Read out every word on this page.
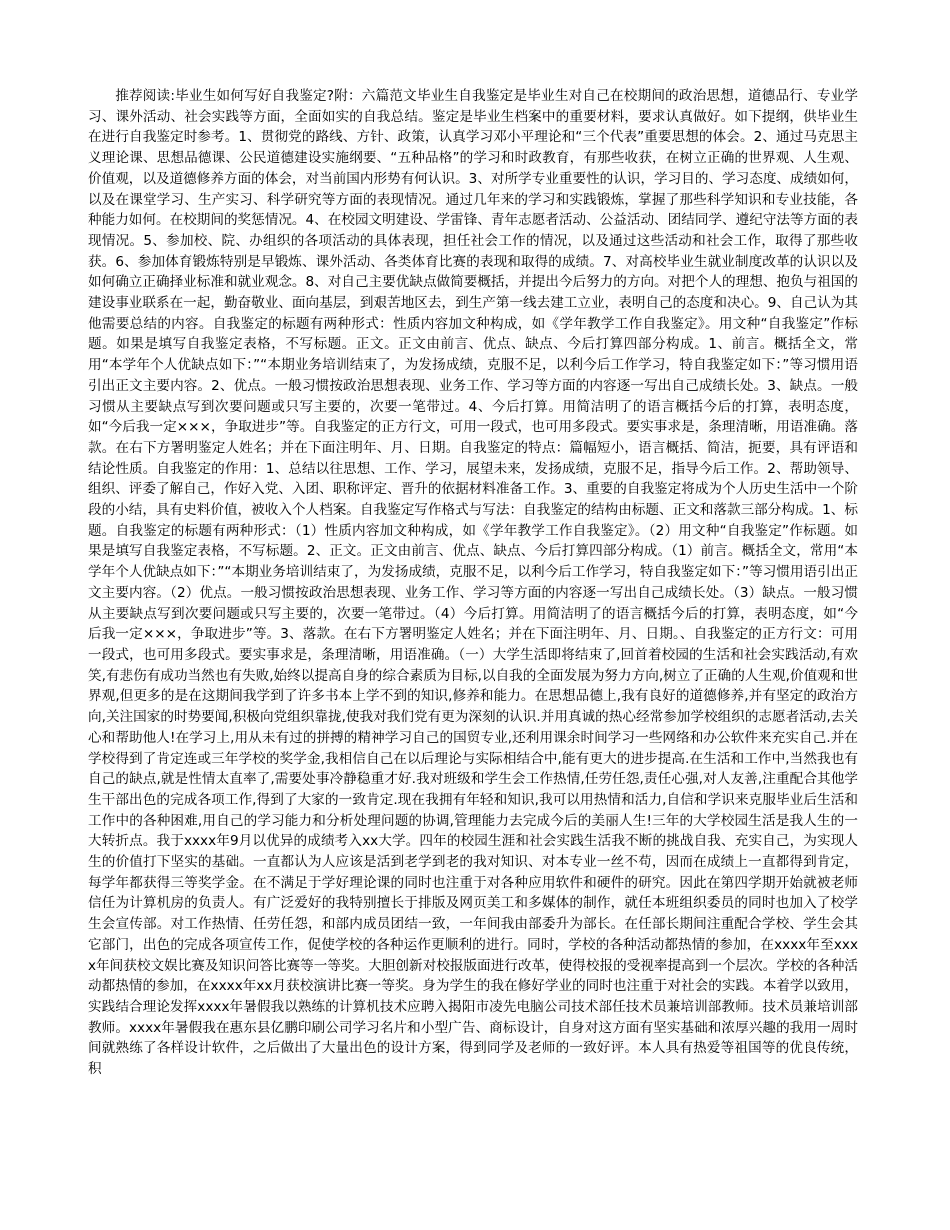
推荐阅读:毕业生如何写好自我鉴定?附：六篇范文毕业生自我鉴定是毕业生对自己在校期间的政治思想，道德品行、专业学习、课外活动、社会实践等方面，全面如实的自我总结。鉴定是毕业生档案中的重要材料，要求认真做好。如下提纲，供毕业生在进行自我鉴定时参考。1、贯彻党的路线、方针、政策，认真学习邓小平理论和“三个代表”重要思想的体会。2、通过马克思主义理论课、思想品德课、公民道德建设实施纲要、“五种品格”的学习和时政教育，有那些收获，在树立正确的世界观、人生观、价值观，以及道德修养方面的体会，对当前国内形势有何认识。3、对所学专业重要性的认识，学习目的、学习态度、成绩如何，以及在课堂学习、生产实习、科学研究等方面的表现情况。通过几年来的学习和实践锻炼，掌握了那些科学知识和专业技能，各种能力如何。在校期间的奖惩情况。4、在校园文明建设、学雷锋、青年志愿者活动、公益活动、团结同学、遵纪守法等方面的表现情况。5、参加校、院、办组织的各项活动的具体表现，担任社会工作的情况，以及通过这些活动和社会工作，取得了那些收获。6、参加体育锻炼特别是早锻炼、课外活动、各类体育比赛的表现和取得的成绩。7、对高校毕业生就业制度改革的认识以及如何确立正确择业标准和就业观念。8、对自己主要优缺点做简要概括，并提出今后努力的方向。对把个人的理想、抱负与祖国的建设事业联系在一起，勤奋敬业、面向基层，到艰苦地区去，到生产第一线去建工立业，表明自己的态度和决心。9、自己认为其他需要总结的内容。自我鉴定的标题有两种形式：性质内容加文种构成，如《学年教学工作自我鉴定》。用文种“自我鉴定”作标题。如果是填写自我鉴定表格，不写标题。正文。正文由前言、优点、缺点、今后打算四部分构成。1、前言。概括全文，常用“本学年个人优缺点如下：”“本期业务培训结束了，为发扬成绩，克服不足，以利今后工作学习，特自我鉴定如下：”等习惯用语引出正文主要内容。2、优点。一般习惯按政治思想表现、业务工作、学习等方面的内容逐一写出自己成绩长处。3、缺点。一般习惯从主要缺点写到次要问题或只写主要的，次要一笔带过。4、今后打算。用简洁明了的语言概括今后的打算，表明态度，如“今后我一定×××，争取进步”等。自我鉴定的正方行文，可用一段式，也可用多段式。要实事求是，条理清晰，用语准确。落款。在右下方署明鉴定人姓名；并在下面注明年、月、日期。自我鉴定的特点：篇幅短小，语言概括、简洁，扼要，具有评语和结论性质。自我鉴定的作用：1、总结以往思想、工作、学习，展望未来，发扬成绩，克服不足，指导今后工作。2、帮助领导、组织、评委了解自己，作好入党、入团、职称评定、晋升的依据材料准备工作。3、重要的自我鉴定将成为个人历史生活中一个阶段的小结，具有史料价值，被收入个人档案。自我鉴定写作格式与写法：自我鉴定的结构由标题、正文和落款三部分构成。1、标题。自我鉴定的标题有两种形式：（1）性质内容加文种构成，如《学年教学工作自我鉴定》。（2）用文种“自我鉴定”作标题。如果是填写自我鉴定表格，不写标题。2、正文。正文由前言、优点、缺点、今后打算四部分构成。（1）前言。概括全文，常用“本学年个人优缺点如下：”“本期业务培训结束了，为发扬成绩，克服不足，以利今后工作学习，特自我鉴定如下：”等习惯用语引出正文主要内容。（2）优点。一般习惯按政治思想表现、业务工作、学习等方面的内容逐一写出自己成绩长处。（3）缺点。一般习惯从主要缺点写到次要问题或只写主要的，次要一笔带过。（4）今后打算。用简洁明了的语言概括今后的打算，表明态度，如“今后我一定×××，争取进步”等。3、落款。在右下方署明鉴定人姓名；并在下面注明年、月、日期。、自我鉴定的正方行文：可用一段式，也可用多段式。要实事求是，条理清晰，用语准确。（一）大学生活即将结束了,回首着校园的生活和社会实践活动,有欢笑,有悲伤有成功当然也有失败,始终以提高自身的综合素质为目标,以自我的全面发展为努力方向,树立了正确的人生观,价值观和世界观,但更多的是在这期间我学到了许多书本上学不到的知识,修养和能力。在思想品德上,我有良好的道德修养,并有坚定的政治方向,关注国家的时势要闻,积极向党组织靠拢,使我对我们党有更为深刻的认识.并用真诚的热心经常参加学校组织的志愿者活动,去关心和帮助他人!在学习上,用从未有过的拼搏的精神学习自己的国贸专业,还利用课余时间学习一些网络和办公软件来充实自己.并在学校得到了肯定连或三年学校的奖学金,我相信自己在以后理论与实际相结合中,能有更大的进步提高.在生活和工作中,当然我也有自己的缺点,就是性情太直率了,需要处事冷静稳重才好.我对班级和学生会工作热情,任劳任怨,责任心强,对人友善,注重配合其他学生干部出色的完成各项工作,得到了大家的一致肯定.现在我拥有年轻和知识,我可以用热情和活力,自信和学识来克服毕业后生活和工作中的各种困难,用自己的学习能力和分析处理问题的协调,管理能力去完成今后的美丽人生!三年的大学校园生活是我人生的一大转折点。我于xxxx年9月以优异的成绩考入xx大学。四年的校园生涯和社会实践生活我不断的挑战自我、充实自己，为实现人生的价值打下坚实的基础。一直都认为人应该是活到老学到老的我对知识、对本专业一丝不苟，因而在成绩上一直都得到肯定，每学年都获得三等奖学金。在不满足于学好理论课的同时也注重于对各种应用软件和硬件的研究。因此在第四学期开始就被老师信任为计算机房的负责人。有广泛爱好的我特别擅长于排版及网页美工和多媒体的制作，就任本班组织委员的同时也加入了校学生会宣传部。对工作热情、任劳任怨，和部内成员团结一致，一年间我由部委升为部长。在任部长期间注重配合学校、学生会其它部门，出色的完成各项宣传工作，促使学校的各种运作更顺利的进行。同时，学校的各种活动都热情的参加，在xxxx年至xxxx年间获校文娱比赛及知识问答比赛等一等奖。大胆创新对校报版面进行改革，使得校报的受视率提高到一个层次。学校的各种活动都热情的参加，在xxxx年xx月获校演讲比赛一等奖。身为学生的我在修好学业的同时也注重于对社会的实践。本着学以致用，实践结合理论发挥xxxx年暑假我以熟练的计算机技术应聘入揭阳市凌先电脑公司技术部任技术员兼培训部教师。技术员兼培训部教师。xxxx年暑假我在惠东县亿鹏印刷公司学习名片和小型广告、商标设计，自身对这方面有坚实基础和浓厚兴趣的我用一周时间就熟练了各样设计软件，之后做出了大量出色的设计方案，得到同学及老师的一致好评。本人具有热爱等祖国等的优良传统，积
